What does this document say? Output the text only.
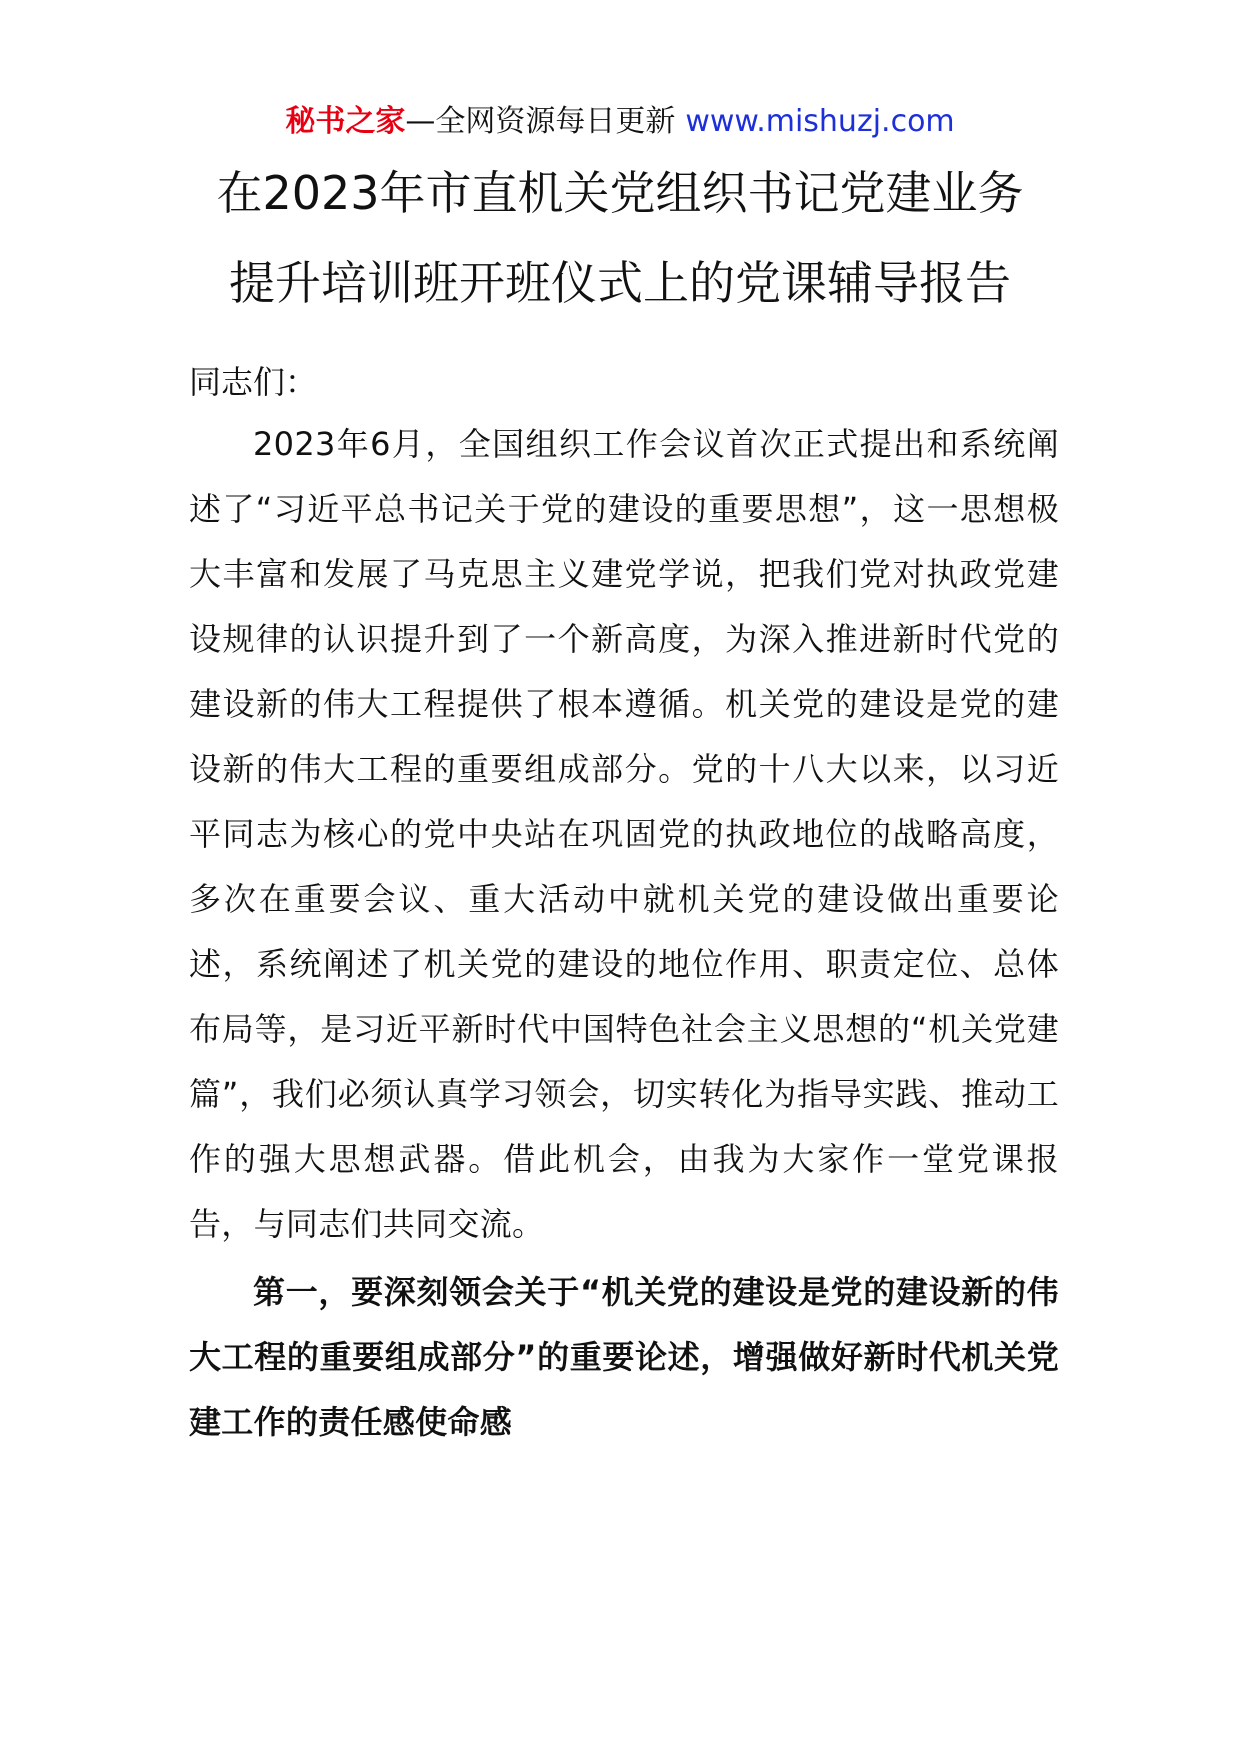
秘书之家—全网资源每日更新 www.mishuzj.com
在2023年市直机关党组织书记党建业务
提升培训班开班仪式上的党课辅导报告

同志们：

2023年6月，全国组织工作会议首次正式提出和系统阐述了“习近平总书记关于党的建设的重要思想”，这一思想极大丰富和发展了马克思主义建党学说，把我们党对执政党建设规律的认识提升到了一个新高度，为深入推进新时代党的建设新的伟大工程提供了根本遵循。机关党的建设是党的建设新的伟大工程的重要组成部分。党的十八大以来，以习近平同志为核心的党中央站在巩固党的执政地位的战略高度，多次在重要会议、重大活动中就机关党的建设做出重要论述，系统阐述了机关党的建设的地位作用、职责定位、总体布局等，是习近平新时代中国特色社会主义思想的“机关党建篇”，我们必须认真学习领会，切实转化为指导实践、推动工作的强大思想武器。借此机会，由我为大家作一堂党课报告，与同志们共同交流。

第一，要深刻领会关于“机关党的建设是党的建设新的伟大工程的重要组成部分”的重要论述，增强做好新时代机关党建工作的责任感使命感
